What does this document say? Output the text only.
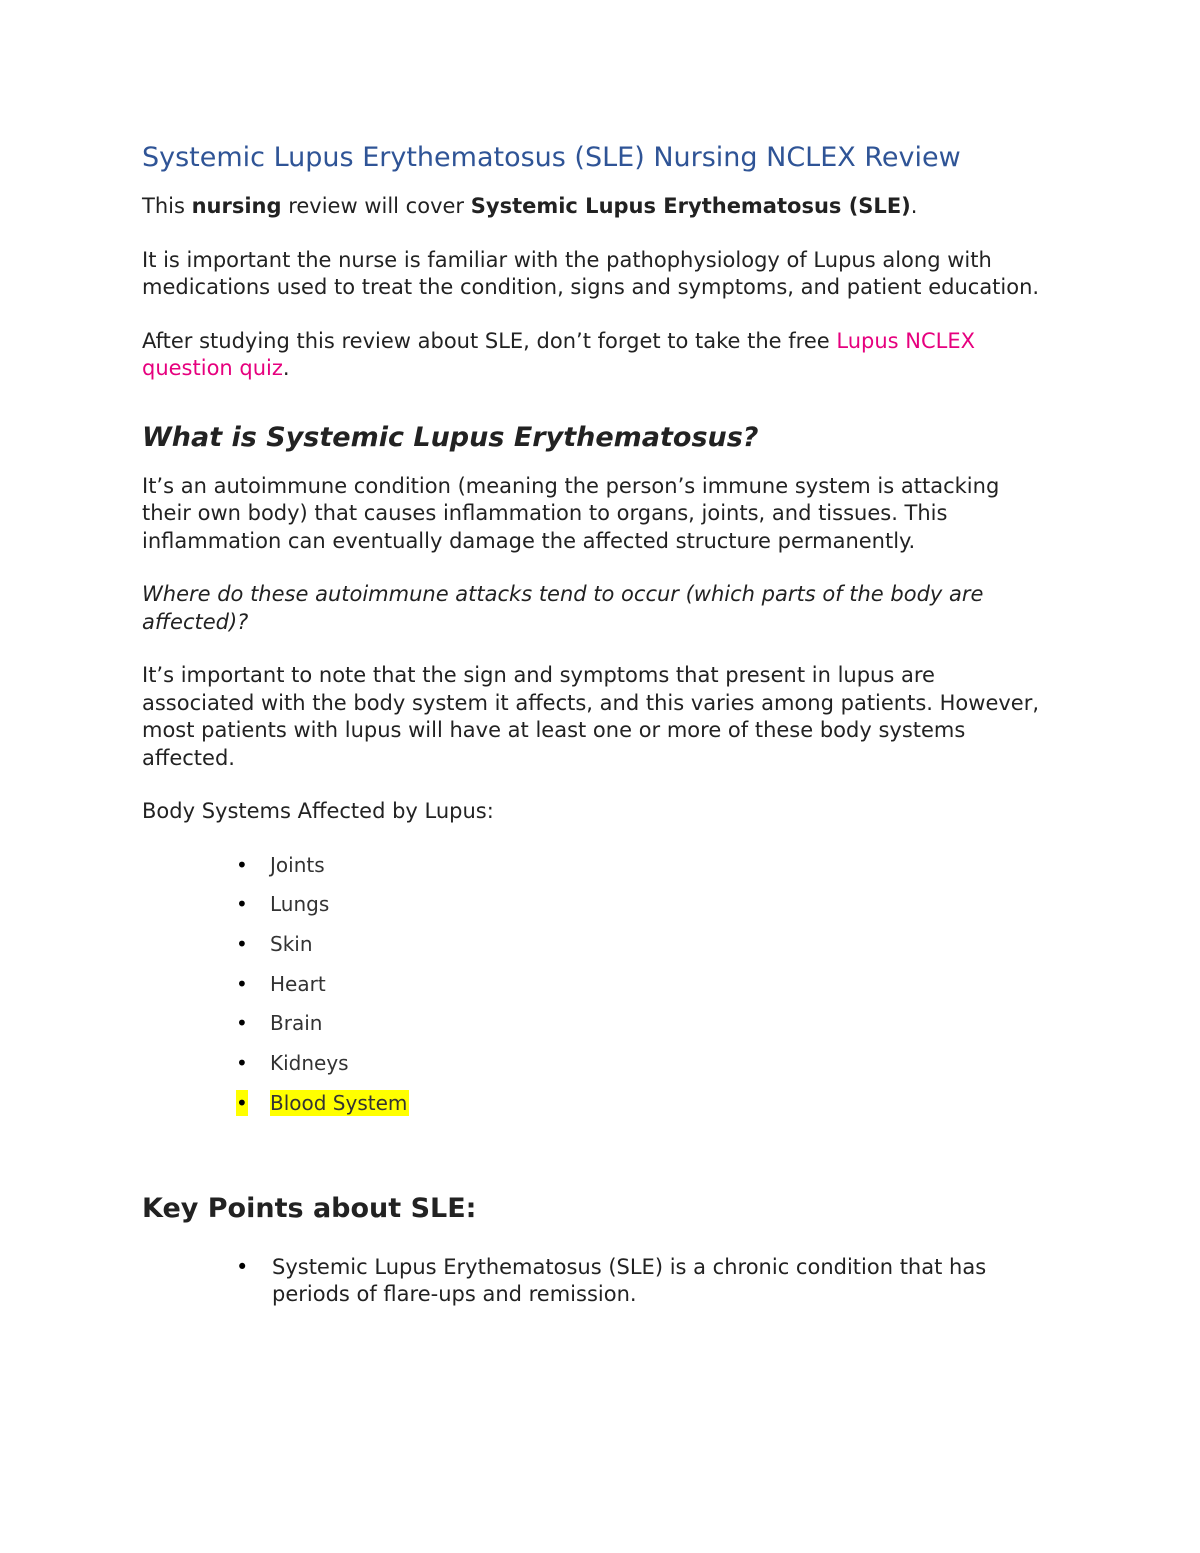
Systemic Lupus Erythematosus (SLE) Nursing NCLEX Review

This nursing review will cover Systemic Lupus Erythematosus (SLE).

It is important the nurse is familiar with the pathophysiology of Lupus along with medications used to treat the condition, signs and symptoms, and patient education.

After studying this review about SLE, don’t forget to take the free Lupus NCLEX question quiz.

What is Systemic Lupus Erythematosus?

It’s an autoimmune condition (meaning the person’s immune system is attacking their own body) that causes inflammation to organs, joints, and tissues. This inflammation can eventually damage the affected structure permanently.

Where do these autoimmune attacks tend to occur (which parts of the body are affected)?

It’s important to note that the sign and symptoms that present in lupus are associated with the body system it affects, and this varies among patients. However, most patients with lupus will have at least one or more of these body systems affected.

Body Systems Affected by Lupus:

• Joints
• Lungs
• Skin
• Heart
• Brain
• Kidneys
• Blood System
Key Points about SLE:
• Systemic Lupus Erythematosus (SLE) is a chronic condition that has periods of flare-ups and remission.
